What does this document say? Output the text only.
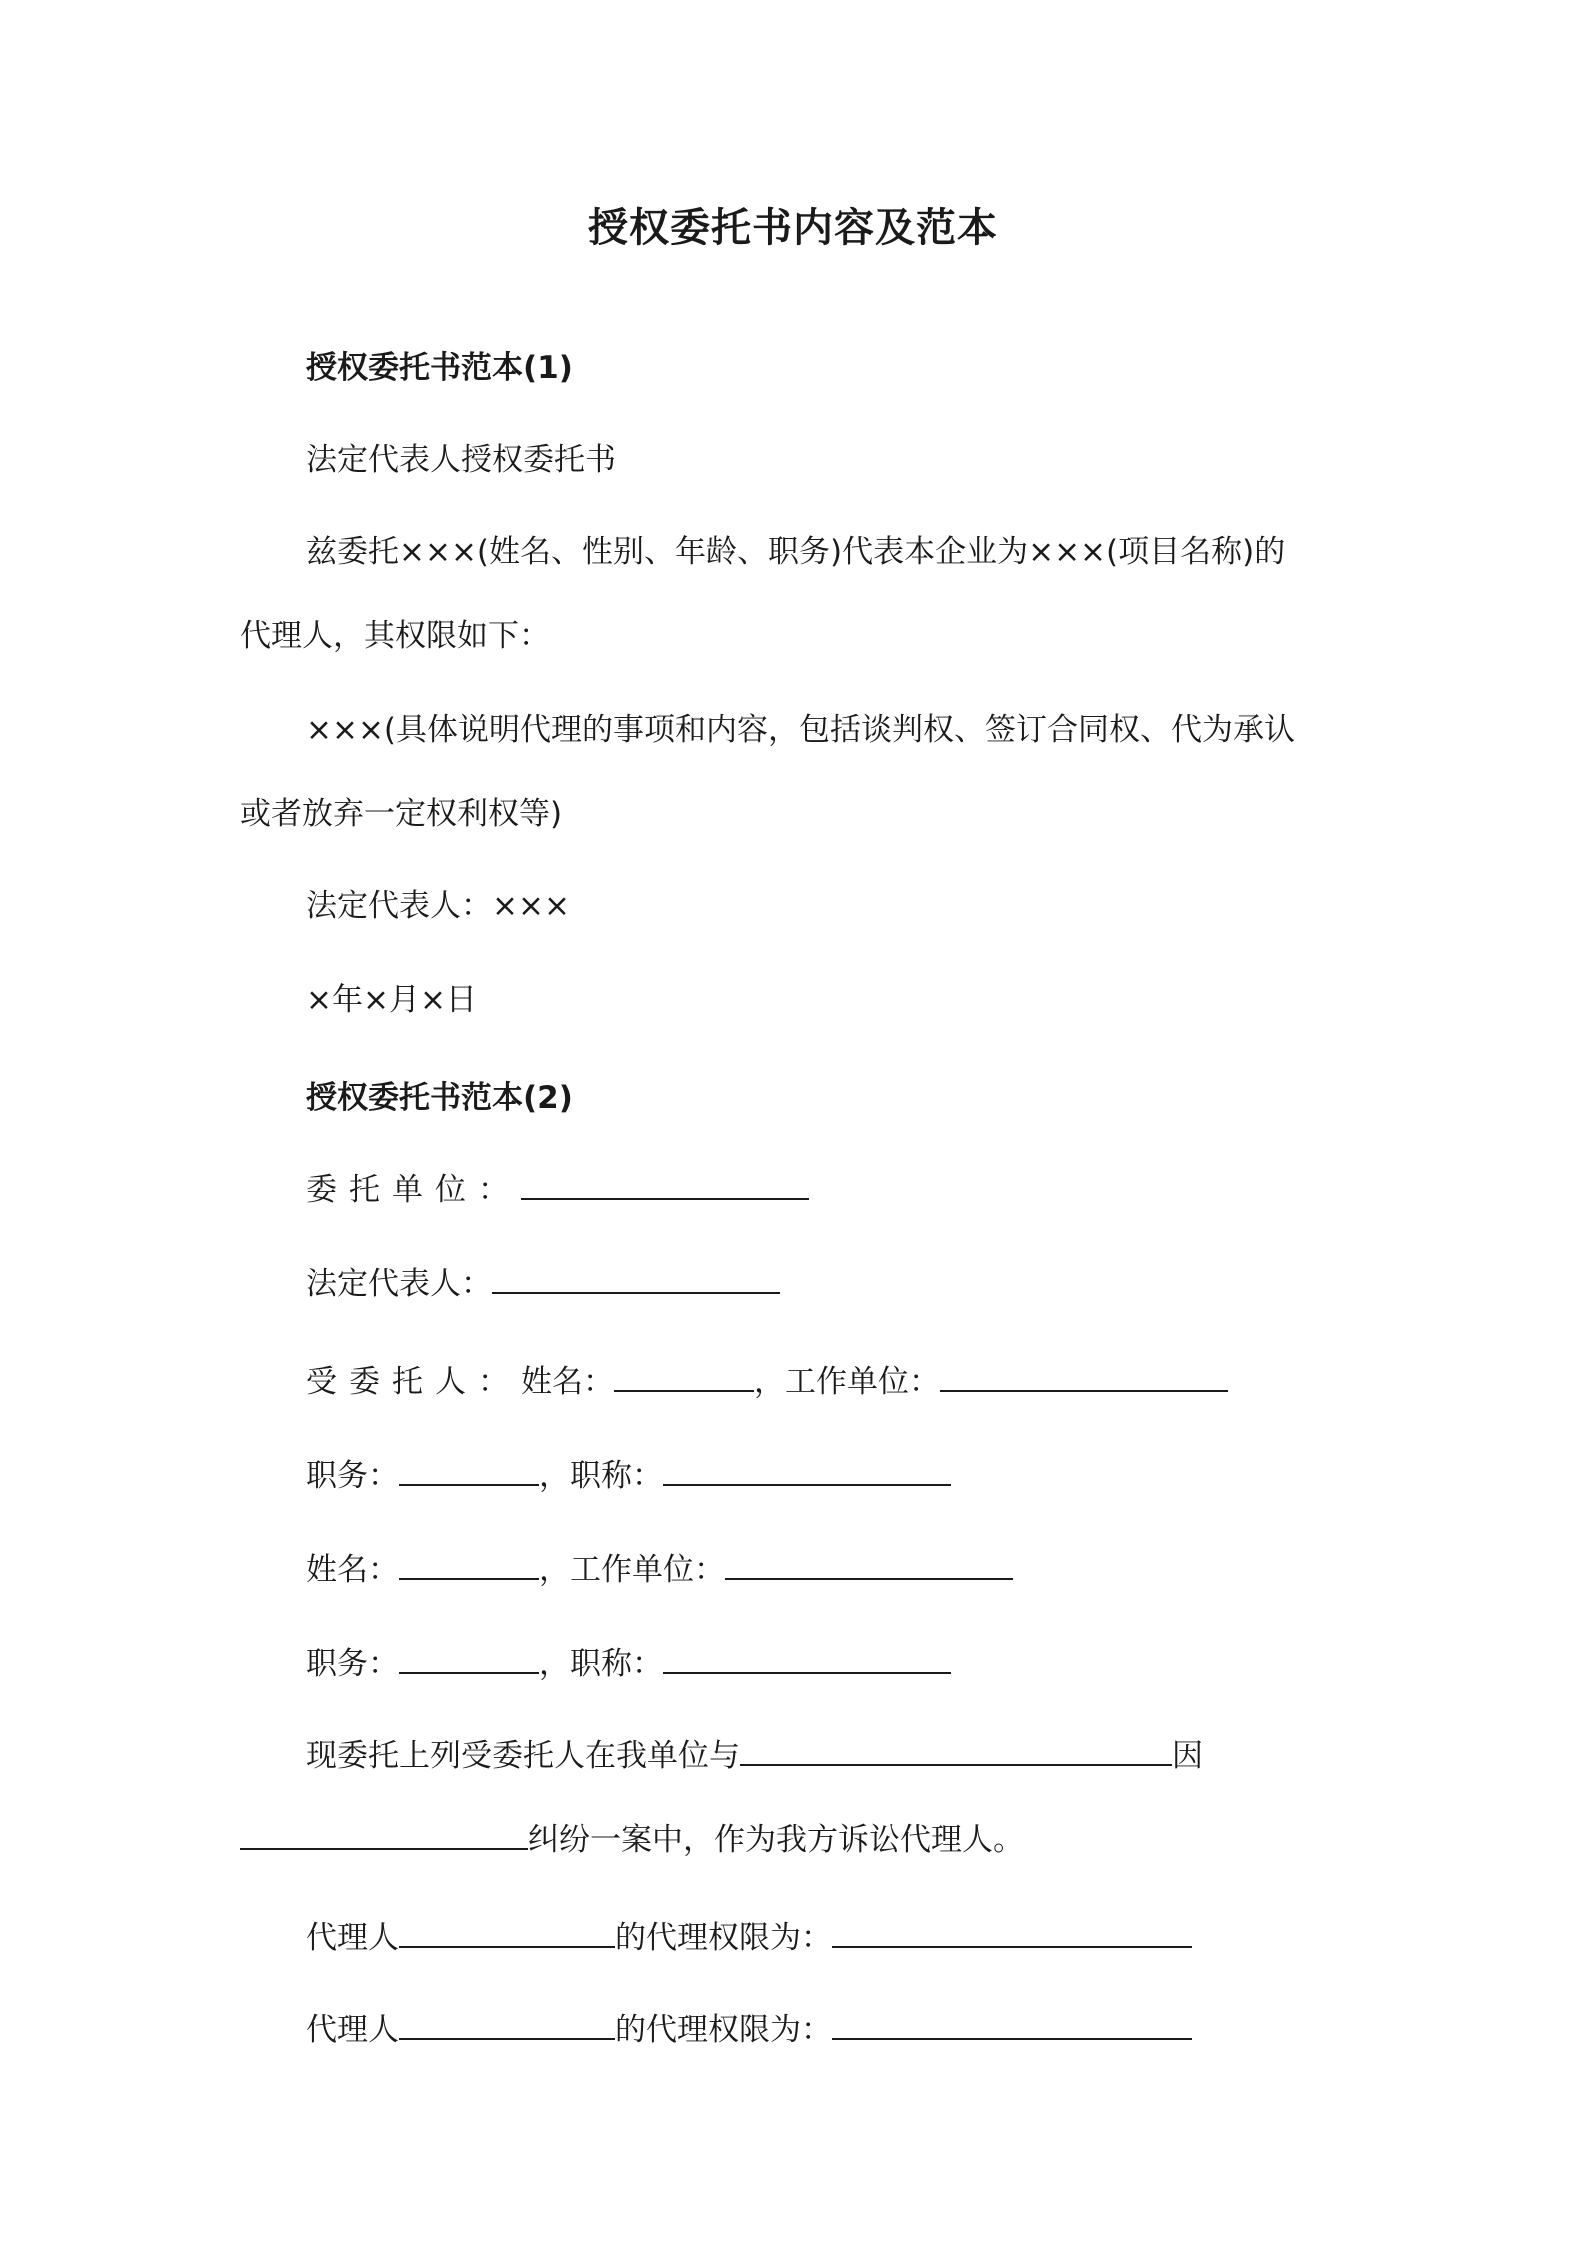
授权委托书内容及范本
授权委托书范本(1)
法定代表人授权委托书
兹委托×××(姓名、性别、年龄、职务)代表本企业为×××(项目名称)的
代理人，其权限如下：
×××(具体说明代理的事项和内容，包括谈判权、签订合同权、代为承认
或者放弃一定权利权等)
法定代表人：×××
×年×月×日
授权委托书范本(2)
委托单位：
法定代表人：
受委托人：姓名：	，工作单位：
职务：	，职称：
姓名：	，工作单位：
职务：	，职称：
现委托上列受委托人在我单位与	因
纠纷一案中，作为我方诉讼代理人。
代理人	的代理权限为：
代理人	的代理权限为：
